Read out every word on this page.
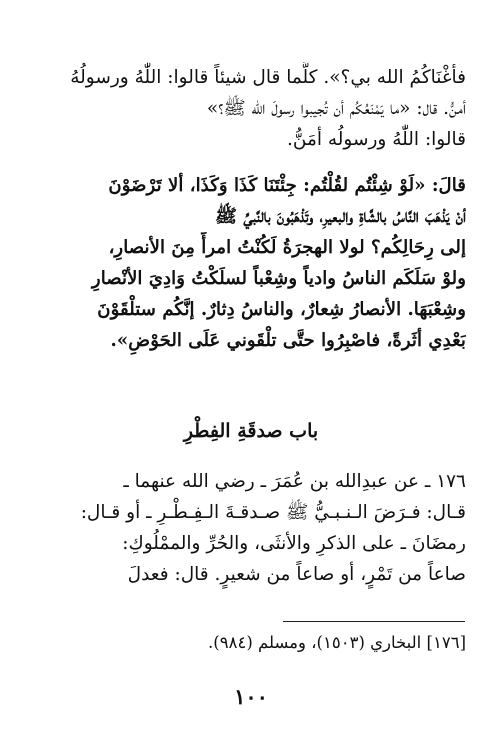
فأغْنَاكُمُ الله بي؟». كلَّما قال شيئاً قالوا: اللّٰهُ ورسولُهُ
أمنُّ. قال: «ما يَمْنَعُكُم أن تُجيبوا رسولَ الله ﷺ؟»
قالوا: اللّٰهُ ورسولُه أمَنُّ.
قالَ: «لَوْ شِئْتُم لقُلْتُم: جِئْتَنَا كَذَا وَكَذَا، ألا تَرْضَوْنَ
أنْ يَذْهَبَ النَّاسُ بالشَّاةِ والبعيرِ، وتَذْهَبُونَ بالنَّبيِّ ﷺ
إلى رِحَالِكُم؟ لولا الهجرَةُ لَكُنْتُ امرأً مِنَ الأنصارِ،
ولوْ سَلَكَم الناسُ وادياً وشِعْباً لسلَكْتُ وَادِيَ الأنْصارِ
وشِعْبَهَا. الأنصارُ شِعارٌ، والناسُ دِثارٌ. إنَّكُم ستلْقَوْنَ
بَعْدِي أثَرةً، فاصْبِرُوا حتَّى تلْقَوني عَلَى الحَوْضِ».
باب صدقَةِ الفِطْرِ
١٧٦ ـ عن عبدِالله بن عُمَرَ ـ رضي الله عنهما ـ
قـال: فـرَضَ الـنـبـيُّ ﷺ صـدقـةَ الـفِـطْـرِ ـ أو قـال:
رمضَانَ ـ على الذكرِ والأنثَى، والحُرِّ والممْلُوكِ:
صاعاً من تَمْرٍ، أو صاعاً من شعيرٍ. قال: فعدلَ
[١٧٦] البخاري (١٥٠٣)، ومسلم (٩٨٤).
١٠٠
